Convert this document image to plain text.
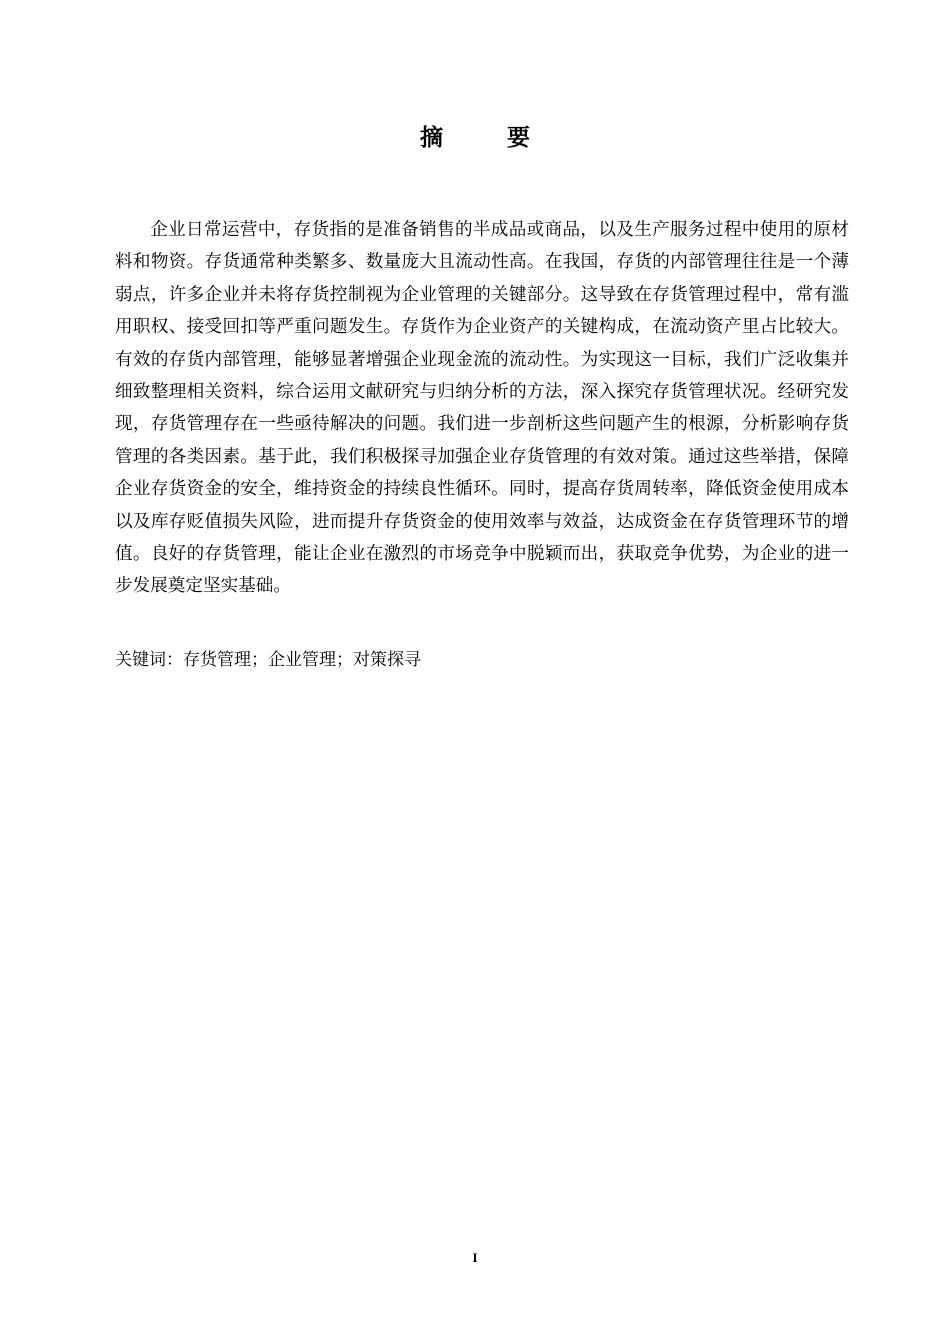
摘 要

企业日常运营中，存货指的是准备销售的半成品或商品，以及生产服务过程中使用的原材料和物资。存货通常种类繁多、数量庞大且流动性高。在我国，存货的内部管理往往是一个薄弱点，许多企业并未将存货控制视为企业管理的关键部分。这导致在存货管理过程中，常有滥用职权、接受回扣等严重问题发生。存货作为企业资产的关键构成，在流动资产里占比较大。有效的存货内部管理，能够显著增强企业现金流的流动性。为实现这一目标，我们广泛收集并细致整理相关资料，综合运用文献研究与归纳分析的方法，深入探究存货管理状况。经研究发现，存货管理存在一些亟待解决的问题。我们进一步剖析这些问题产生的根源，分析影响存货管理的各类因素。基于此，我们积极探寻加强企业存货管理的有效对策。通过这些举措，保障企业存货资金的安全，维持资金的持续良性循环。同时，提高存货周转率，降低资金使用成本以及库存贬值损失风险，进而提升存货资金的使用效率与效益，达成资金在存货管理环节的增值。良好的存货管理，能让企业在激烈的市场竞争中脱颖而出，获取竞争优势，为企业的进一步发展奠定坚实基础。

关键词：存货管理；企业管理；对策探寻
I
